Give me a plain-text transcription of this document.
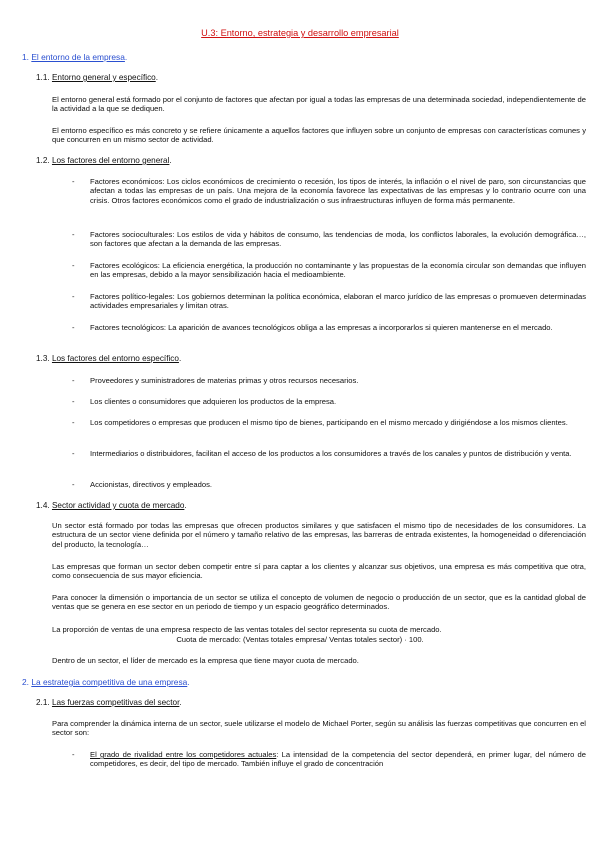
U.3: Entorno, estrategia y desarrollo empresarial
1. El entorno de la empresa.
1.1. Entorno general y específico.
El entorno general está formado por el conjunto de factores que afectan por igual a todas las empresas de una determinada sociedad, independientemente de la actividad a la que se dediquen.
El entorno específico es más concreto y se refiere únicamente a aquellos factores que influyen sobre un conjunto de empresas con características comunes y que concurren en un mismo sector de actividad.
1.2. Los factores del entorno general.
- Factores económicos: Los ciclos económicos de crecimiento o recesión, los tipos de interés, la inflación o el nivel de paro, son circunstancias que afectan a todas las empresas de un país. Una mejora de la economía favorece las expectativas de las empresas y lo contrario ocurre con una crisis. Otros factores económicos como el grado de industrialización o sus infraestructuras influyen de forma más permanente.
- Factores socioculturales: Los estilos de vida y hábitos de consumo, las tendencias de moda, los conflictos laborales, la evolución demográfica…, son factores que afectan a la demanda de las empresas.
- Factores ecológicos: La eficiencia energética, la producción no contaminante y las propuestas de la economía circular son demandas que influyen en las empresas, debido a la mayor sensibilización hacia el medioambiente.
- Factores político-legales: Los gobiernos determinan la política económica, elaboran el marco jurídico de las empresas o promueven determinadas actividades empresariales y limitan otras.
- Factores tecnológicos: La aparición de avances tecnológicos obliga a las empresas a incorporarlos si quieren mantenerse en el mercado.
1.3. Los factores del entorno específico.
- Proveedores y suministradores de materias primas y otros recursos necesarios.
- Los clientes o consumidores que adquieren los productos de la empresa.
- Los competidores o empresas que producen el mismo tipo de bienes, participando en el mismo mercado y dirigiéndose a los mismos clientes.
- Intermediarios o distribuidores, facilitan el acceso de los productos a los consumidores a través de los canales y puntos de distribución y venta.
- Accionistas, directivos y empleados.
1.4. Sector actividad y cuota de mercado.
Un sector está formado por todas las empresas que ofrecen productos similares y que satisfacen el mismo tipo de necesidades de los consumidores. La estructura de un sector viene definida por el número y tamaño relativo de las empresas, las barreras de entrada existentes, la homogeneidad o diferenciación del producto, la tecnología…
Las empresas que forman un sector deben competir entre sí para captar a los clientes y alcanzar sus objetivos, una empresa es más competitiva que otra, como consecuencia de sus mayor eficiencia.
Para conocer la dimensión o importancia de un sector se utiliza el concepto de volumen de negocio o producción de un sector, que es la cantidad global de ventas que se genera en ese sector en un periodo de tiempo y un espacio geográfico determinados.
La proporción de ventas de una empresa respecto de las ventas totales del sector representa su cuota de mercado.
Cuota de mercado: (Ventas totales empresa/ Ventas totales sector) · 100.
Dentro de un sector, el líder de mercado es la empresa que tiene mayor cuota de mercado.
2. La estrategia competitiva de una empresa.
2.1. Las fuerzas competitivas del sector.
Para comprender la dinámica interna de un sector, suele utilizarse el modelo de Michael Porter, según su análisis las fuerzas competitivas que concurren en el sector son:
- El grado de rivalidad entre los competidores actuales: La intensidad de la competencia del sector dependerá, en primer lugar, del número de competidores, es decir, del tipo de mercado. También influye el grado de concentración
